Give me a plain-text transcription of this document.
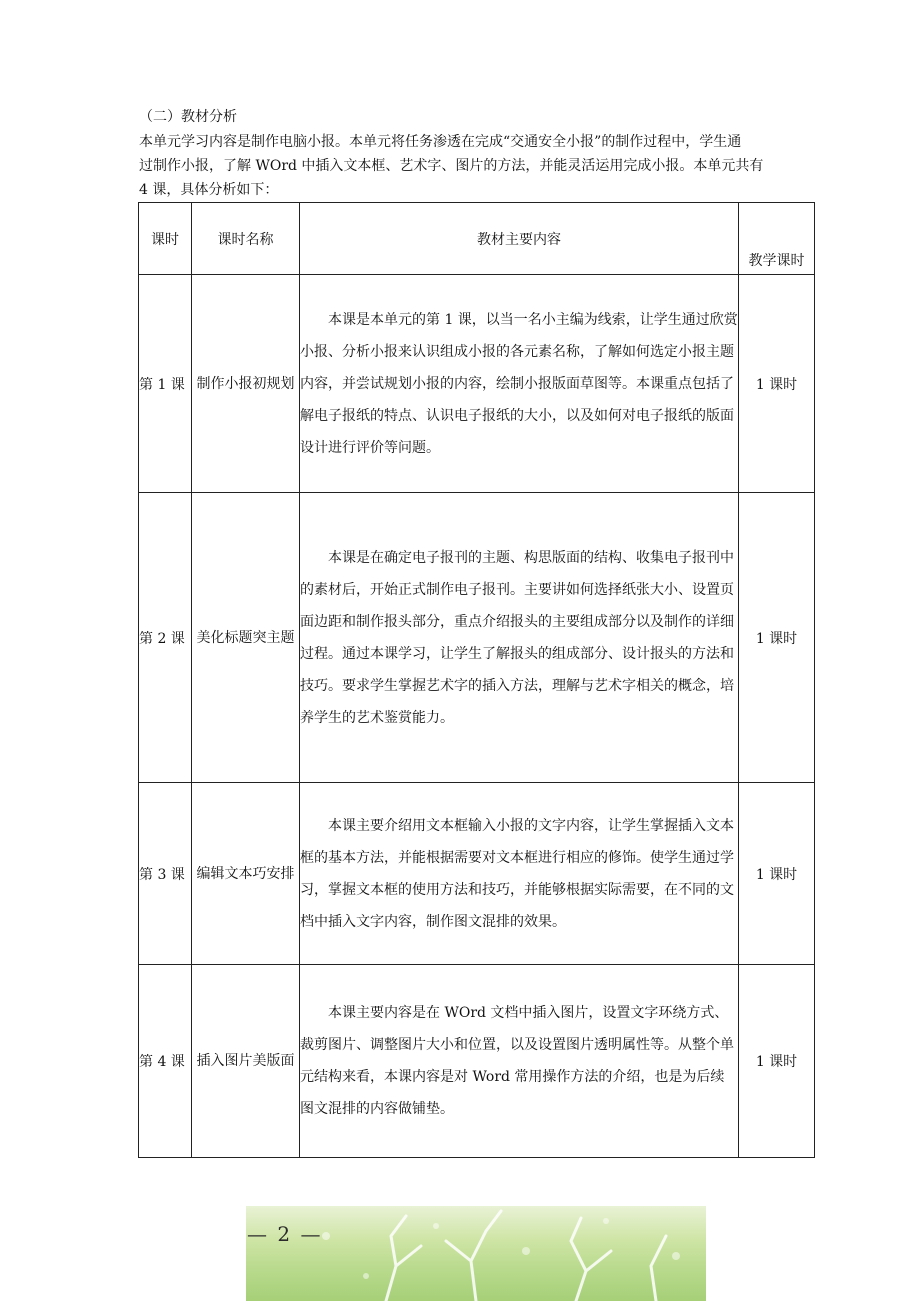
（二）教材分析

本单元学习内容是制作电脑小报。本单元将任务渗透在完成“交通安全小报”的制作过程中，学生通

过制作小报，了解 WOrd 中插入文本框、艺术字、图片的方法，并能灵活运用完成小报。本单元共有

4 课，具体分析如下：

课时	课时名称	教材主要内容	教学课时
第 1 课	制作小报初规划	本课是本单元的第 1 课，以当一名小主编为线索，让学生通过欣赏小报、分析小报来认识组成小报的各元素名称，了解如何选定小报主题内容，并尝试规划小报的内容，绘制小报版面草图等。本课重点包括了解电子报纸的特点、认识电子报纸的大小，以及如何对电子报纸的版面设计进行评价等问题。	1 课时
第 2 课	美化标题突主题	本课是在确定电子报刊的主题、构思版面的结构、收集电子报刊中的素材后，开始正式制作电子报刊。主要讲如何选择纸张大小、设置页面边距和制作报头部分，重点介绍报头的主要组成部分以及制作的详细过程。通过本课学习，让学生了解报头的组成部分、设计报头的方法和技巧。要求学生掌握艺术字的插入方法，理解与艺术字相关的概念，培养学生的艺术鉴赏能力。	1 课时
第 3 课	编辑文本巧安排	本课主要介绍用文本框输入小报的文字内容，让学生掌握插入文本框的基本方法，并能根据需要对文本框进行相应的修饰。使学生通过学习，掌握文本框的使用方法和技巧，并能够根据实际需要，在不同的文档中插入文字内容，制作图文混排的效果。	1 课时
第 4 课	插入图片美版面	本课主要内容是在 WOrd 文档中插入图片，设置文字环绕方式、裁剪图片、调整图片大小和位置，以及设置图片透明属性等。从整个单元结构来看，本课内容是对 Word 常用操作方法的介绍，也是为后续图文混排的内容做铺垫。	1 课时
— 2 —
